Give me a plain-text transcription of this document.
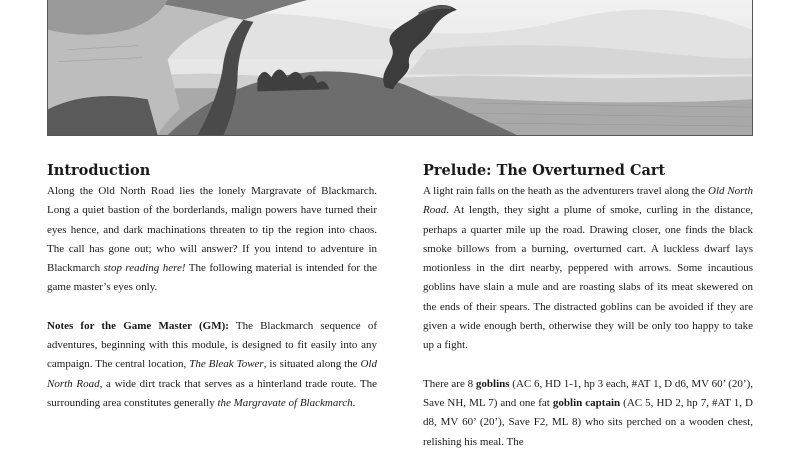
Introduction

Along the Old North Road lies the lonely Margravate of Blackmarch. Long a quiet bastion of the borderlands, malign powers have turned their eyes hence, and dark machinations threaten to tip the region into chaos. The call has gone out; who will answer? If you intend to adventure in Blackmarch stop reading here! The following material is intended for the game master’s eyes only.

Notes for the Game Master (GM): The Blackmarch sequence of adventures, beginning with this module, is designed to fit easily into any campaign. The central location, The Bleak Tower, is situated along the Old North Road, a wide dirt track that serves as a hinterland trade route. The surrounding area constitutes generally the Margravate of Blackmarch.

Prelude: The Overturned Cart

A light rain falls on the heath as the adventurers travel along the Old North Road. At length, they sight a plume of smoke, curling in the distance, perhaps a quarter mile up the road. Drawing closer, one finds the black smoke billows from a burning, overturned cart. A luckless dwarf lays motionless in the dirt nearby, peppered with arrows. Some incautious goblins have slain a mule and are roasting slabs of its meat skewered on the ends of their spears. The distracted goblins can be avoided if they are given a wide enough berth, otherwise they will be only too happy to take up a fight.

There are 8 goblins (AC 6, HD 1-1, hp 3 each, #AT 1, D d6, MV 60’ (20’), Save NH, ML 7) and one fat goblin captain (AC 5, HD 2, hp 7, #AT 1, D d8, MV 60’ (20’), Save F2, ML 8) who sits perched on a wooden chest, relishing his meal. The
